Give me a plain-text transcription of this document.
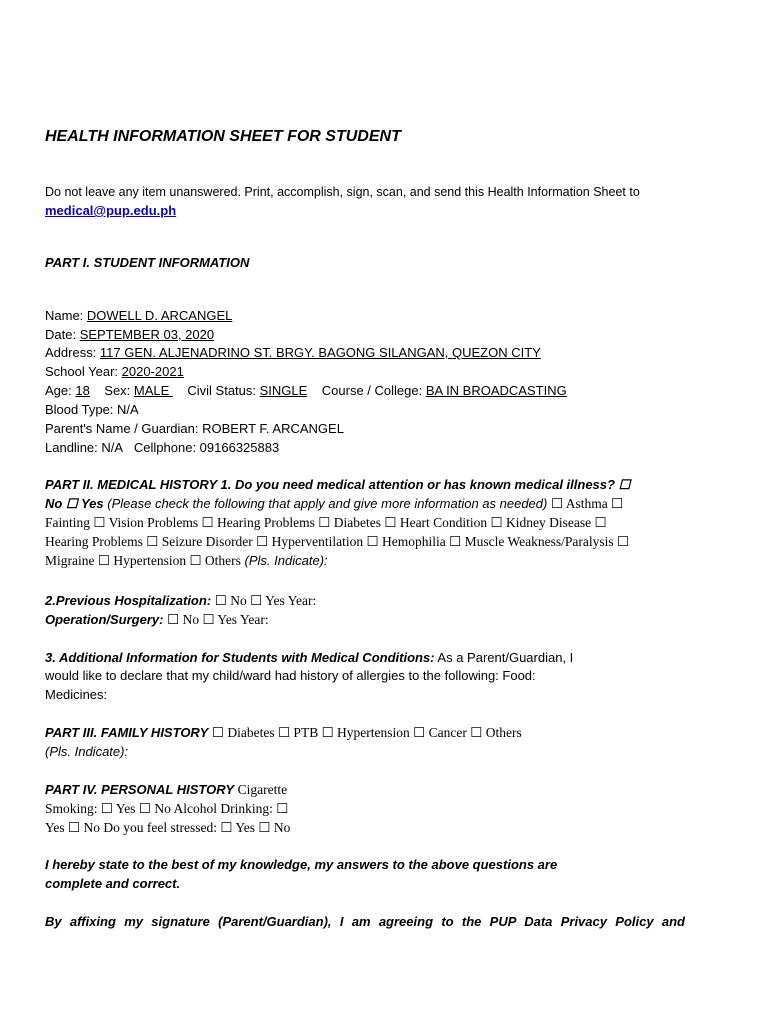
HEALTH INFORMATION SHEET FOR STUDENT
Do not leave any item unanswered. Print, accomplish, sign, scan, and send this Health Information Sheet to
medical@pup.edu.ph
PART I. STUDENT INFORMATION
Name: DOWELL D. ARCANGEL
Date: SEPTEMBER 03, 2020
Address: 117 GEN. ALJENADRINO ST. BRGY. BAGONG SILANGAN, QUEZON CITY
School Year: 2020-2021
Age: 18 Sex: MALE     Civil Status: SINGLE Course / College: BA IN BROADCASTING
Blood Type: N/A
Parent's Name / Guardian: ROBERT F. ARCANGEL
Landline: N/A Cellphone: 09166325883
PART II. MEDICAL HISTORY 1. Do you need medical attention or has known medical illness? ☐
No ☐ Yes (Please check the following that apply and give more information as needed) ☐ Asthma ☐
Fainting ☐ Vision Problems ☐ Hearing Problems ☐ Diabetes ☐ Heart Condition ☐ Kidney Disease ☐
Hearing Problems ☐ Seizure Disorder ☐ Hyperventilation ☐ Hemophilia ☐ Muscle Weakness/Paralysis ☐
Migraine ☐ Hypertension ☐ Others (Pls. Indicate):
2.Previous Hospitalization: ☐ No ☐ Yes Year:
Operation/Surgery: ☐ No ☐ Yes Year:
3. Additional Information for Students with Medical Conditions: As a Parent/Guardian, I
would like to declare that my child/ward had history of allergies to the following: Food:
Medicines:
PART III. FAMILY HISTORY ☐ Diabetes ☐ PTB ☐ Hypertension ☐ Cancer ☐ Others
(Pls. Indicate):
PART IV. PERSONAL HISTORY Cigarette
Smoking: ☐ Yes ☐ No Alcohol Drinking: ☐
Yes ☐ No Do you feel stressed: ☐ Yes ☐ No
I hereby state to the best of my knowledge, my answers to the above questions are
complete and correct.
By affixing my signature (Parent/Guardian), I am agreeing to the PUP Data Privacy Policy and
